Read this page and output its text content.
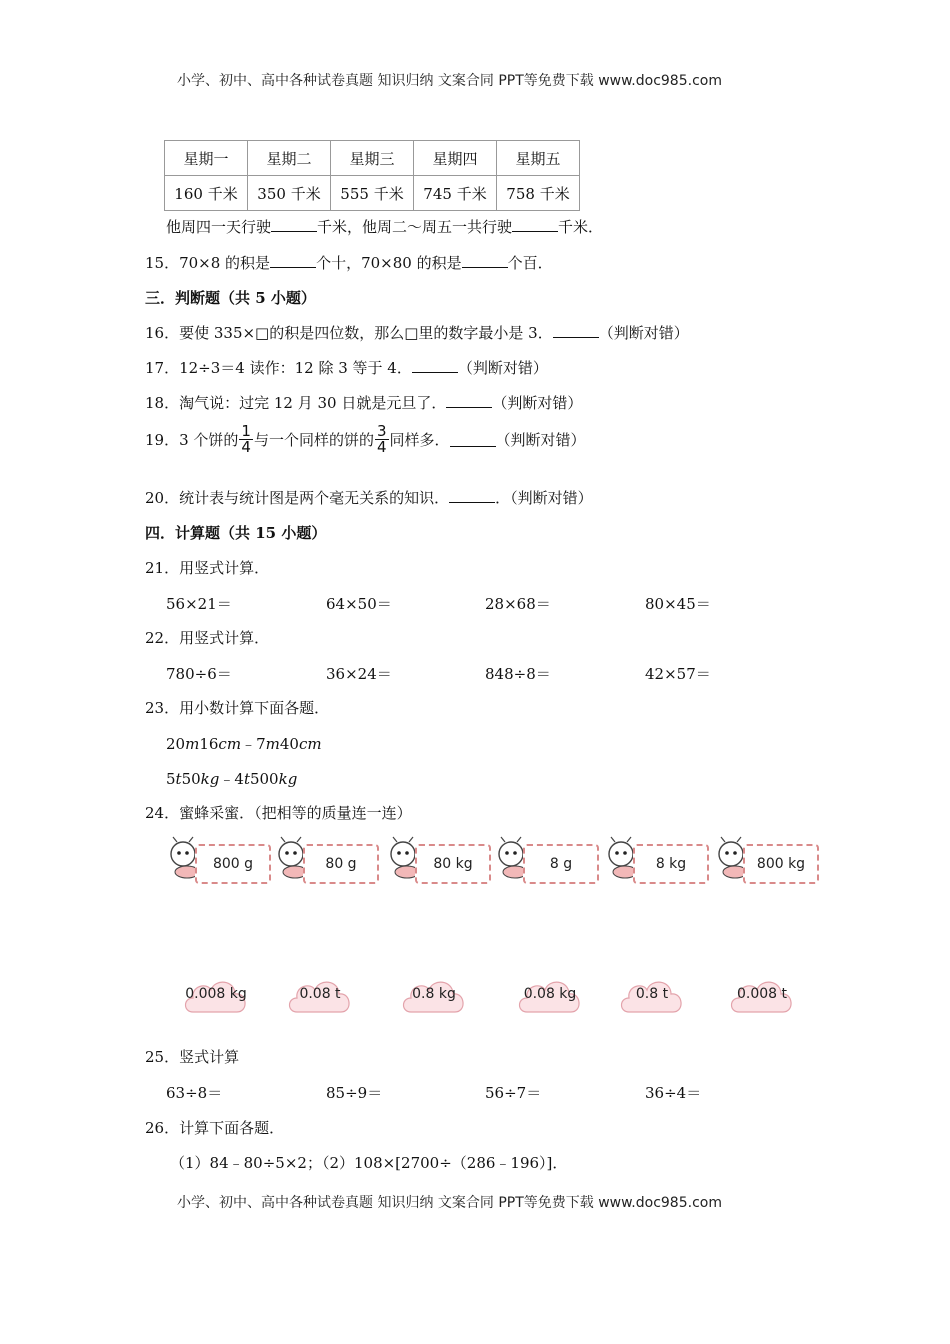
小学、初中、高中各种试卷真题 知识归纳 文案合同 PPT等免费下载 www.doc985.com
星期一	星期二	星期三	星期四	星期五
160 千米	350 千米	555 千米	745 千米	758 千米
他周四一天行驶	千米，他周二～周五一共行驶	千米．
15．70×8 的积是	个十，70×80 的积是	个百．
三．判断题（共 5 小题）
16．要使 335×□的积是四位数，那么□里的数字最小是 3．	（判断对错）
17．12÷3＝4 读作：12 除 3 等于 4．	（判断对错）
18．淘气说：过完 12 月 30 日就是元旦了．	（判断对错）
19．3 个饼的 $\frac{1}{4}$ 与一个同样的饼的 $\frac{3}{4}$ 同样多．	（判断对错）
20．统计表与统计图是两个毫无关系的知识．	．（判断对错）
四．计算题（共 15 小题）
21．用竖式计算．
56×21＝	64×50＝	28×68＝	80×45＝
22．用竖式计算．
780÷6＝	36×24＝	848÷8＝	42×57＝
23．用小数计算下面各题．
20m16cm﹣7m40cm
5t50kg﹣4t500kg
24．蜜蜂采蜜．（把相等的质量连一连）
800 g	80 g	80 kg	8 g	8 kg	800 kg
0.008 kg	0.08 t	0.8 kg	0.08 kg	0.8 t	0.008 t
25．竖式计算
63÷8＝	85÷9＝	56÷7＝	36÷4＝
26．计算下面各题．
（1）84﹣80÷5×2；（2）108×[2700÷（286﹣196）]．
小学、初中、高中各种试卷真题 知识归纳 文案合同 PPT等免费下载 www.doc985.com
